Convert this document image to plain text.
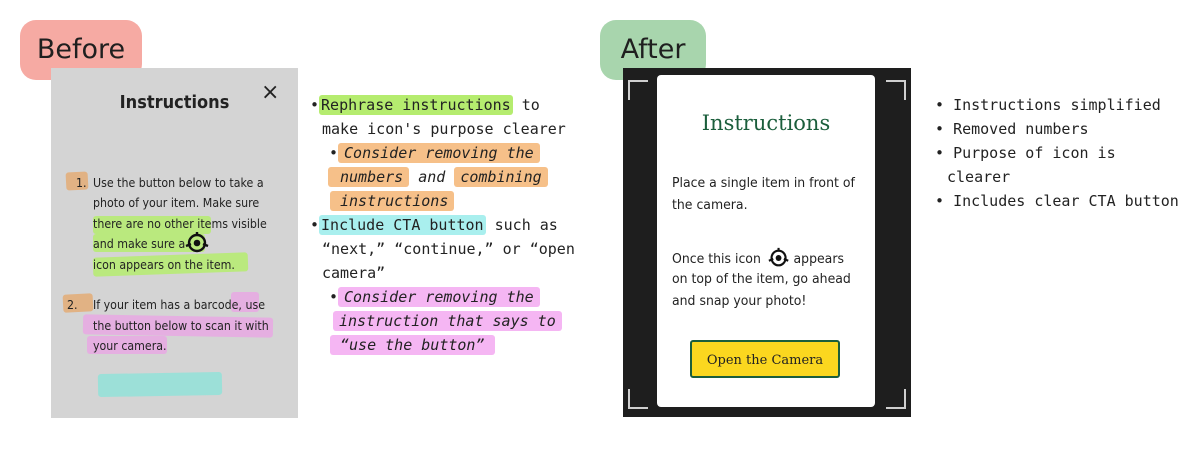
Before	After
Instructions	×
1. Use the button below to take a
photo of your item. Make sure
there are no other items visible
and make sure a
icon appears on the item.
2. If your item has a barcode, use
the button below to scan it with
your camera.
• Rephrase instructions to
make icon's purpose clearer
• Consider removing the
numbers and combining
instructions
• Include CTA button such as
“next,” “continue,” or “open
camera”
• Consider removing the
instruction that says to
“use the button”
Instructions
Place a single item in front of
the camera.
Once this icon	appears
on top of the item, go ahead
and snap your photo!
Open the Camera
• Instructions simplified
• Removed numbers
• Purpose of icon is
clearer
• Includes clear CTA button
